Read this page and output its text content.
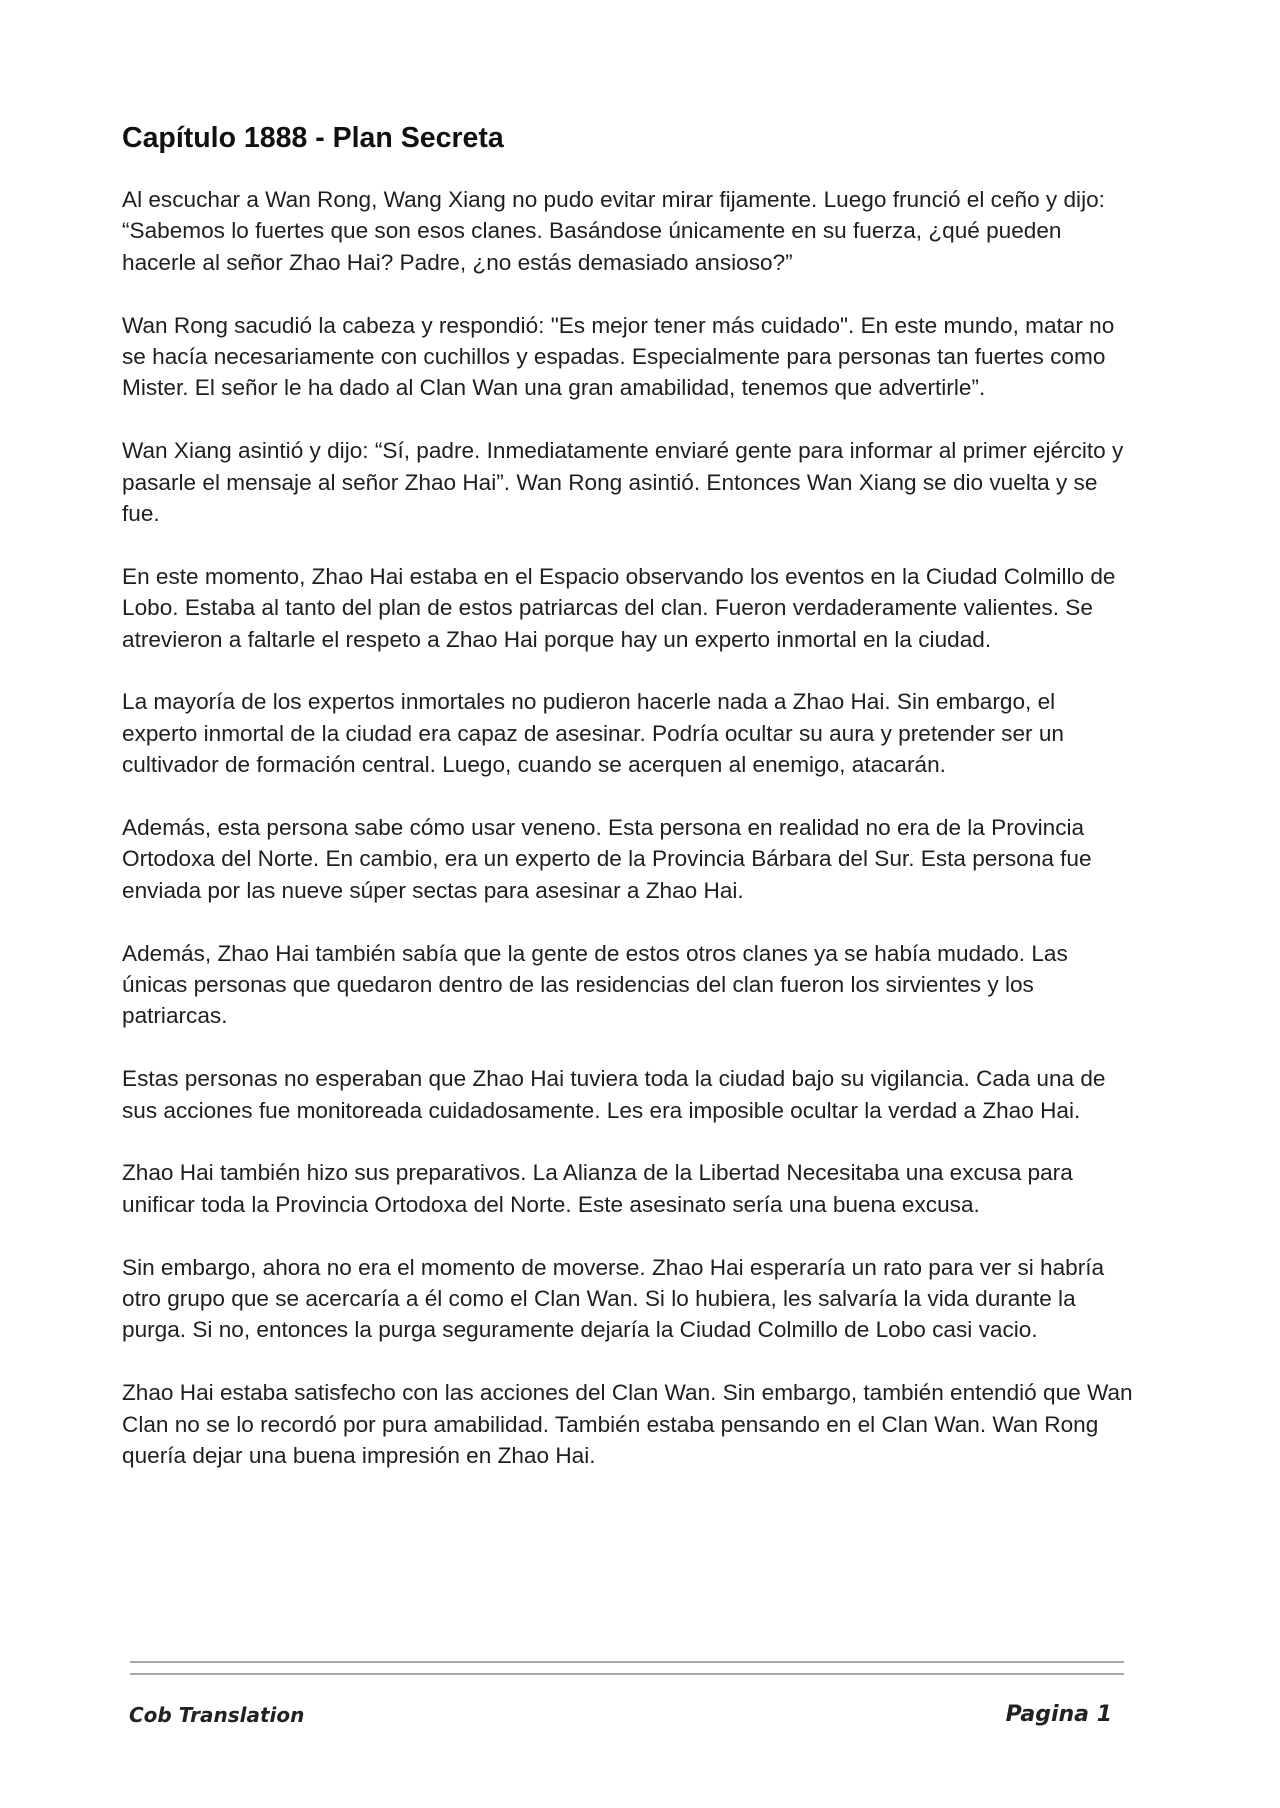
Capítulo 1888 - Plan Secreta

Al escuchar a Wan Rong, Wang Xiang no pudo evitar mirar fijamente. Luego frunció el ceño y dijo: “Sabemos lo fuertes que son esos clanes. Basándose únicamente en su fuerza, ¿qué pueden hacerle al señor Zhao Hai? Padre, ¿no estás demasiado ansioso?”

Wan Rong sacudió la cabeza y respondió: "Es mejor tener más cuidado". En este mundo, matar no se hacía necesariamente con cuchillos y espadas. Especialmente para personas tan fuertes como Mister. El señor le ha dado al Clan Wan una gran amabilidad, tenemos que advertirle”.

Wan Xiang asintió y dijo: “Sí, padre. Inmediatamente enviaré gente para informar al primer ejército y pasarle el mensaje al señor Zhao Hai”. Wan Rong asintió. Entonces Wan Xiang se dio vuelta y se fue.

En este momento, Zhao Hai estaba en el Espacio observando los eventos en la Ciudad Colmillo de Lobo. Estaba al tanto del plan de estos patriarcas del clan. Fueron verdaderamente valientes. Se atrevieron a faltarle el respeto a Zhao Hai porque hay un experto inmortal en la ciudad.

La mayoría de los expertos inmortales no pudieron hacerle nada a Zhao Hai. Sin embargo, el experto inmortal de la ciudad era capaz de asesinar. Podría ocultar su aura y pretender ser un cultivador de formación central. Luego, cuando se acerquen al enemigo, atacarán.

Además, esta persona sabe cómo usar veneno. Esta persona en realidad no era de la Provincia Ortodoxa del Norte. En cambio, era un experto de la Provincia Bárbara del Sur. Esta persona fue enviada por las nueve súper sectas para asesinar a Zhao Hai.

Además, Zhao Hai también sabía que la gente de estos otros clanes ya se había mudado. Las únicas personas que quedaron dentro de las residencias del clan fueron los sirvientes y los patriarcas.

Estas personas no esperaban que Zhao Hai tuviera toda la ciudad bajo su vigilancia. Cada una de sus acciones fue monitoreada cuidadosamente. Les era imposible ocultar la verdad a Zhao Hai.

Zhao Hai también hizo sus preparativos. La Alianza de la Libertad Necesitaba una excusa para unificar toda la Provincia Ortodoxa del Norte. Este asesinato sería una buena excusa.

Sin embargo, ahora no era el momento de moverse. Zhao Hai esperaría un rato para ver si habría otro grupo que se acercaría a él como el Clan Wan. Si lo hubiera, les salvaría la vida durante la purga. Si no, entonces la purga seguramente dejaría la Ciudad Colmillo de Lobo casi vacio.

Zhao Hai estaba satisfecho con las acciones del Clan Wan. Sin embargo, también entendió que Wan Clan no se lo recordó por pura amabilidad. También estaba pensando en el Clan Wan. Wan Rong quería dejar una buena impresión en Zhao Hai.

Cob Translation	Pagina 1
